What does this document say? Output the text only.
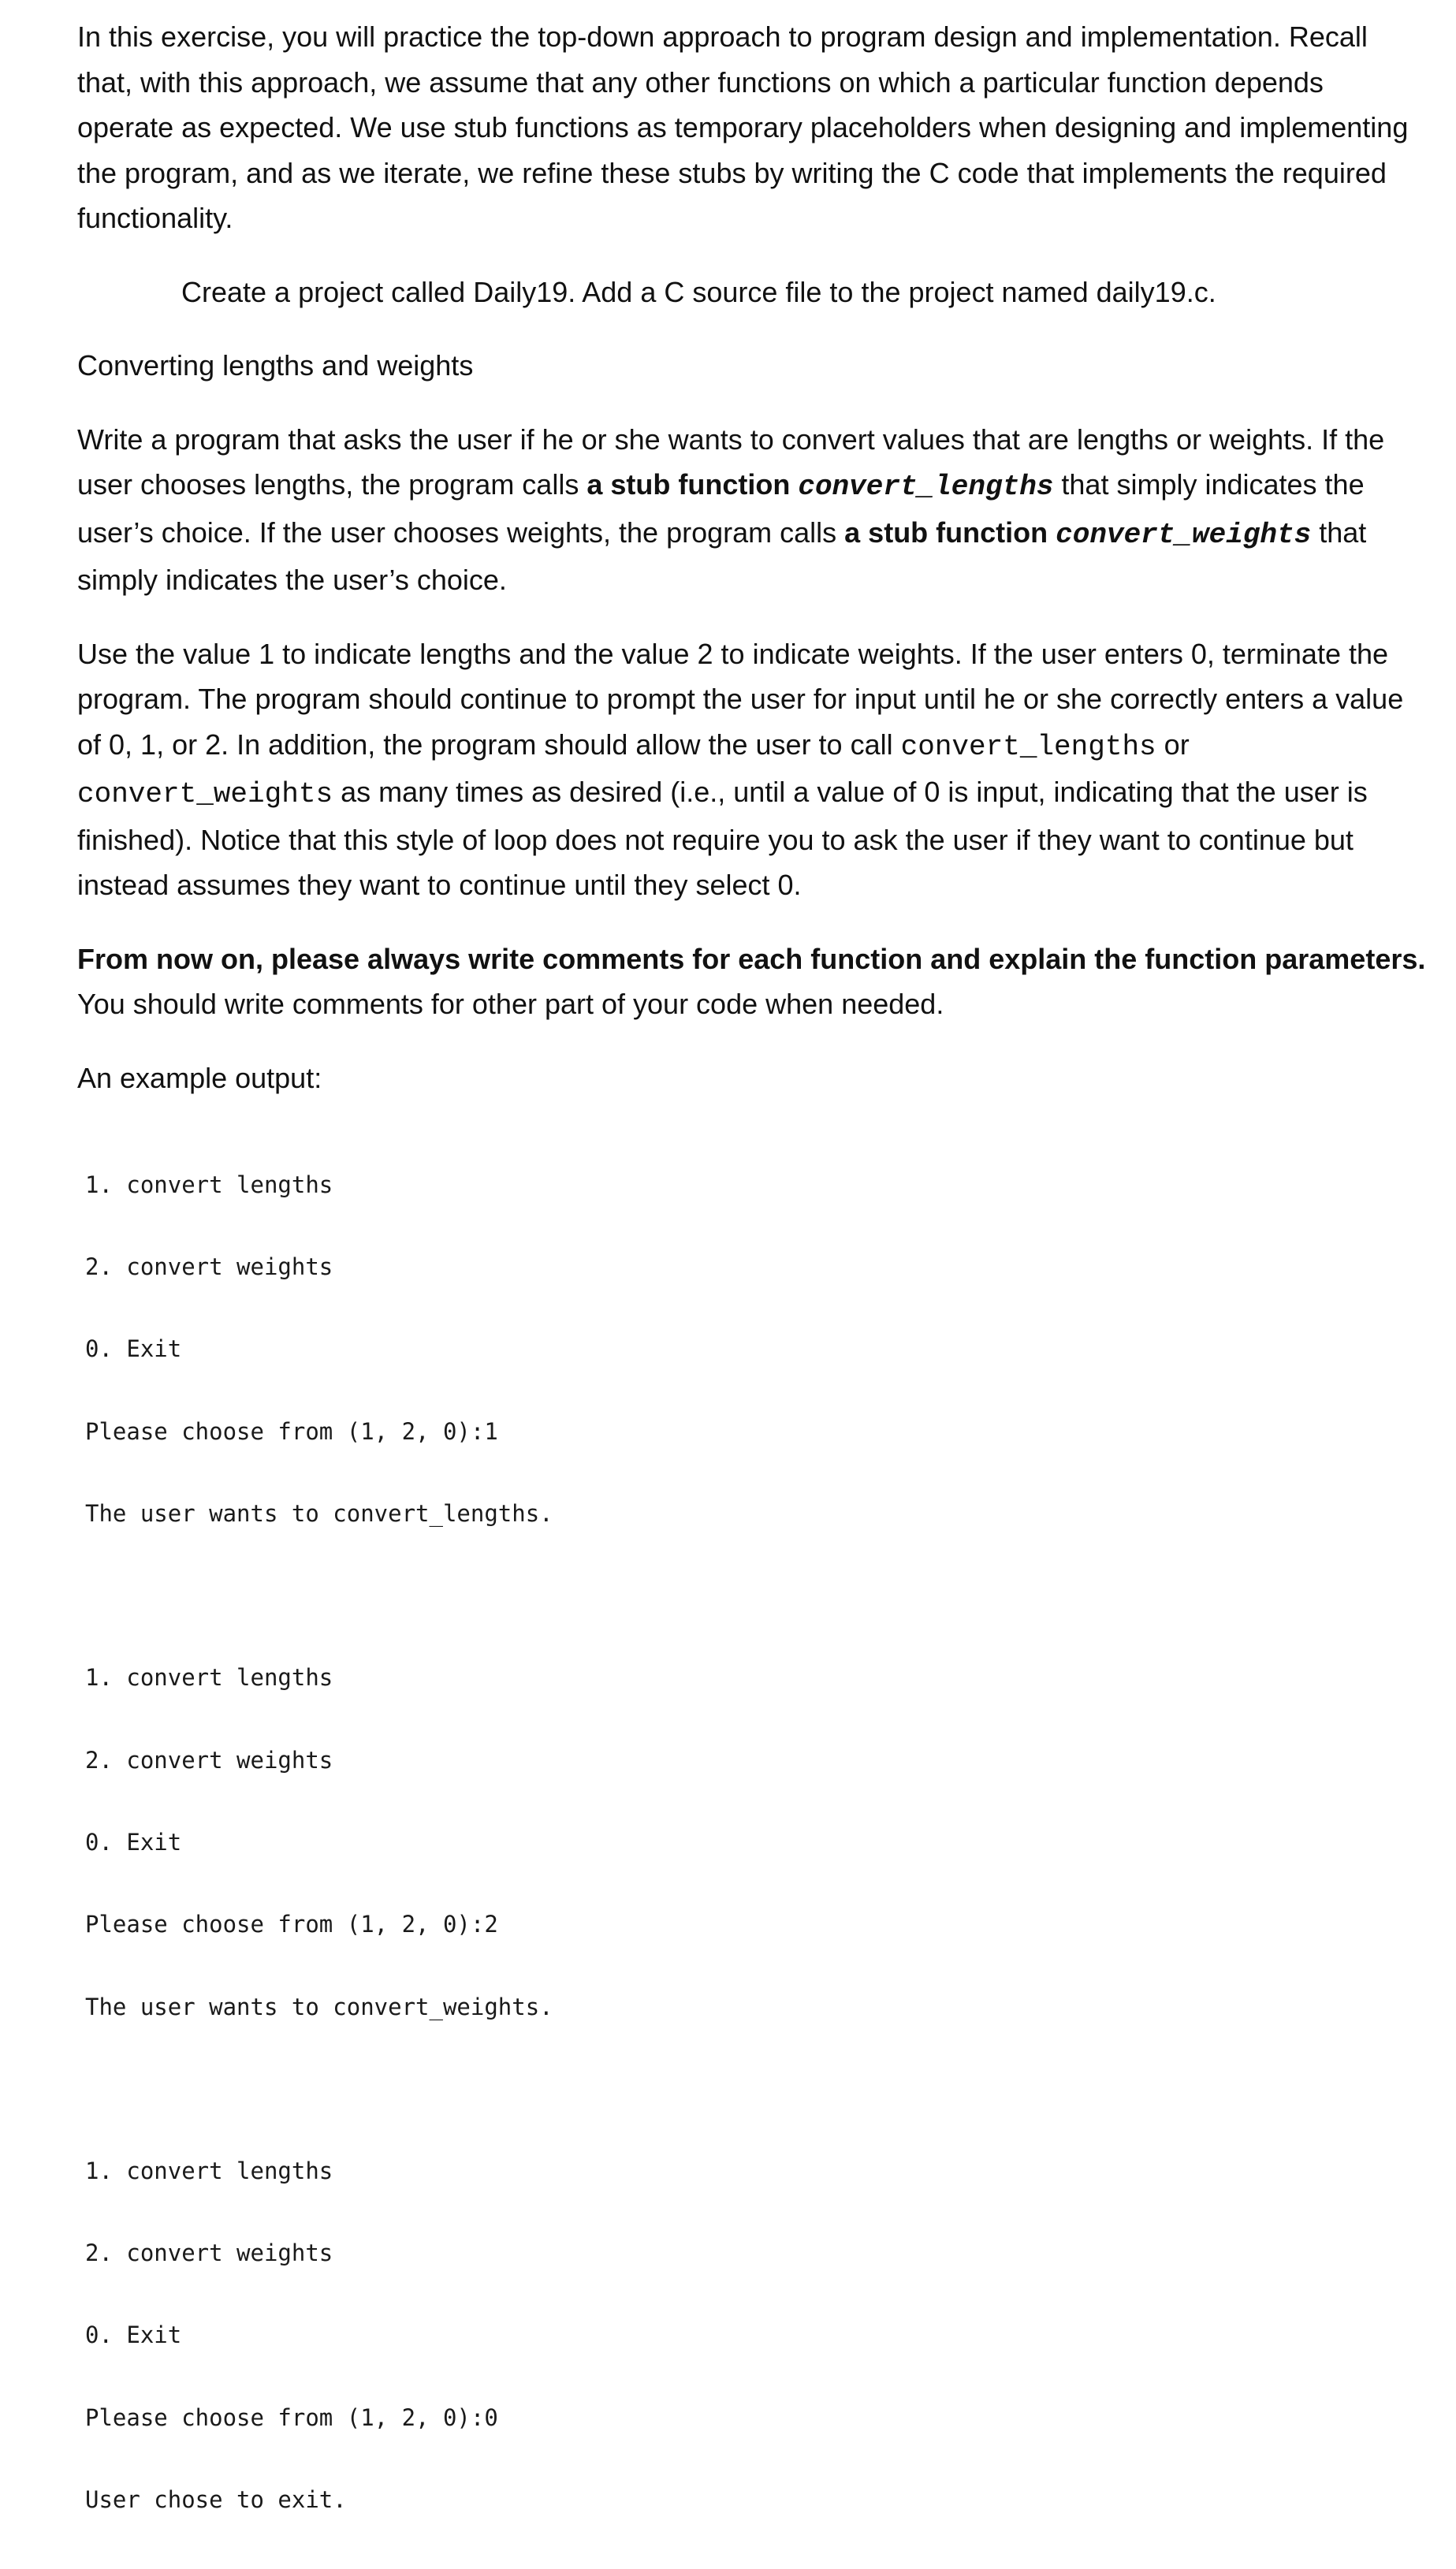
In this exercise, you will practice the top-down approach to program design and implementation. Recall that, with this approach, we assume that any other functions on which a particular function depends operate as expected. We use stub functions as temporary placeholders when designing and implementing the program, and as we iterate, we refine these stubs by writing the C code that implements the required functionality.

Create a project called Daily19. Add a C source file to the project named daily19.c.

Converting lengths and weights

Write a program that asks the user if he or she wants to convert values that are lengths or weights. If the user chooses lengths, the program calls a stub function convert_lengths that simply indicates the user’s choice. If the user chooses weights, the program calls a stub function convert_weights that simply indicates the user’s choice.

Use the value 1 to indicate lengths and the value 2 to indicate weights. If the user enters 0, terminate the program. The program should continue to prompt the user for input until he or she correctly enters a value of 0, 1, or 2. In addition, the program should allow the user to call convert_lengths or convert_weights as many times as desired (i.e., until a value of 0 is input, indicating that the user is finished). Notice that this style of loop does not require you to ask the user if they want to continue but instead assumes they want to continue until they select 0.

From now on, please always write comments for each function and explain the function parameters.
You should write comments for other part of your code when needed.

An example output:

1. convert lengths

2. convert weights

0. Exit

Please choose from (1, 2, 0):1

The user wants to convert_lengths.

1. convert lengths

2. convert weights

0. Exit

Please choose from (1, 2, 0):2

The user wants to convert_weights.

1. convert lengths

2. convert weights

0. Exit

Please choose from (1, 2, 0):0

User chose to exit.
